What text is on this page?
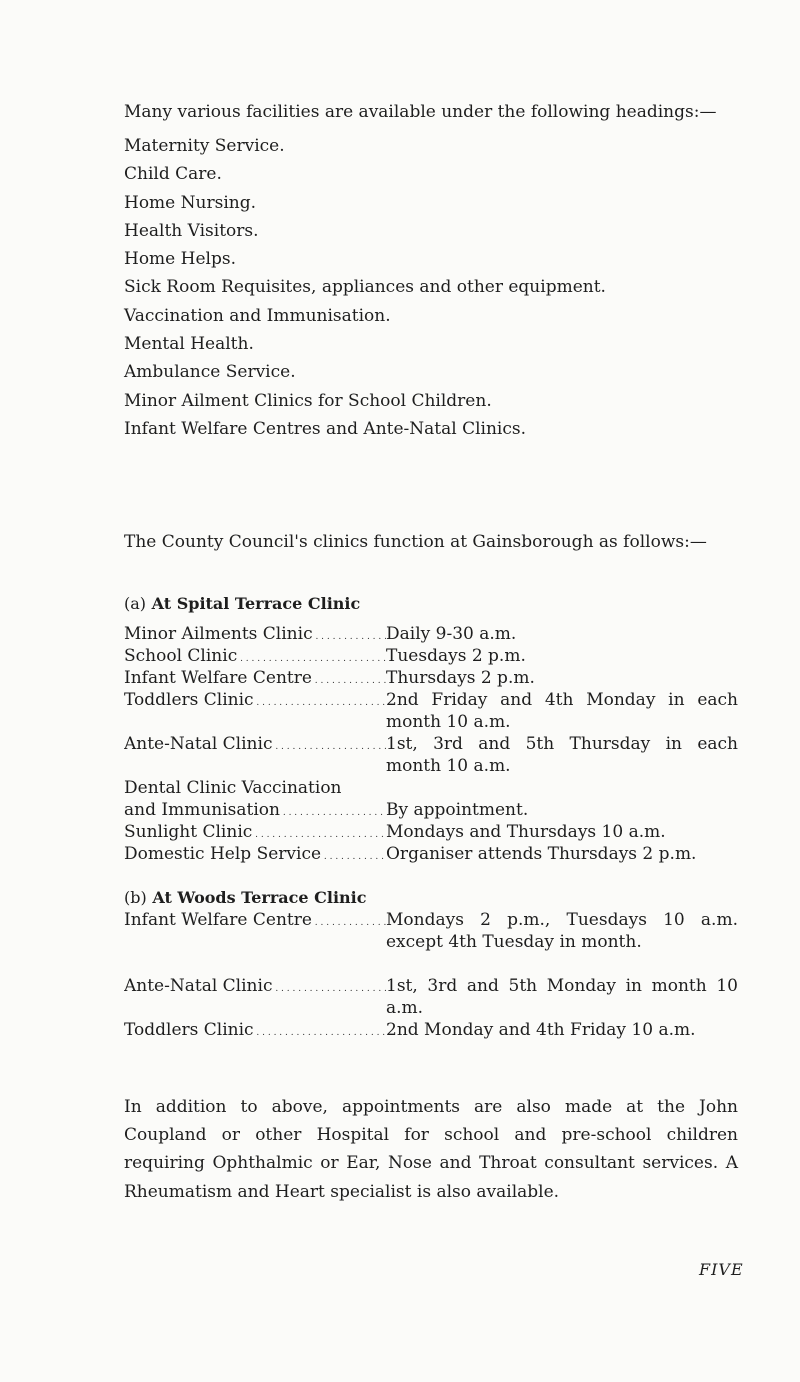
Many various facilities are available under the following headings:—

Maternity Service.
Child Care.
Home Nursing.
Health Visitors.
Home Helps.
Sick Room Requisites, appliances and other equipment.
Vaccination and Immunisation.
Mental Health.
Ambulance Service.
Minor Ailment Clinics for School Children.
Infant Welfare Centres and Ante-Natal Clinics.

The County Council's clinics function at Gainsborough as follows:—

(a) At Spital Terrace Clinic
Minor Ailments Clinic . . .	Daily 9-30 a.m.
School Clinic . . .	Tuesdays 2 p.m.
Infant Welfare Centre . . .	Thursdays 2 p.m.
Toddlers Clinic . . .	2nd Friday and 4th Monday in each month 10 a.m.
Ante-Natal Clinic . . .	1st, 3rd and 5th Thursday in each month 10 a.m.
Dental Clinic Vaccination
and Immunisation . . .	By appointment.
Sunlight Clinic . . .	Mondays and Thursdays 10 a.m.
Domestic Help Service . . .	Organiser attends Thursdays 2 p.m.
(b) At Woods Terrace Clinic
Infant Welfare Centre . . .	Mondays 2 p.m., Tuesdays 10 a.m. except 4th Tuesday in month.
Ante-Natal Clinic . . .	1st, 3rd and 5th Monday in month 10 a.m.
Toddlers Clinic . . .	2nd Monday and 4th Friday 10 a.m.

In addition to above, appointments are also made at the John Coupland or other Hospital for school and pre-school children requiring Ophthalmic or Ear, Nose and Throat consultant services. A Rheumatism and Heart specialist is also available.

FIVE
